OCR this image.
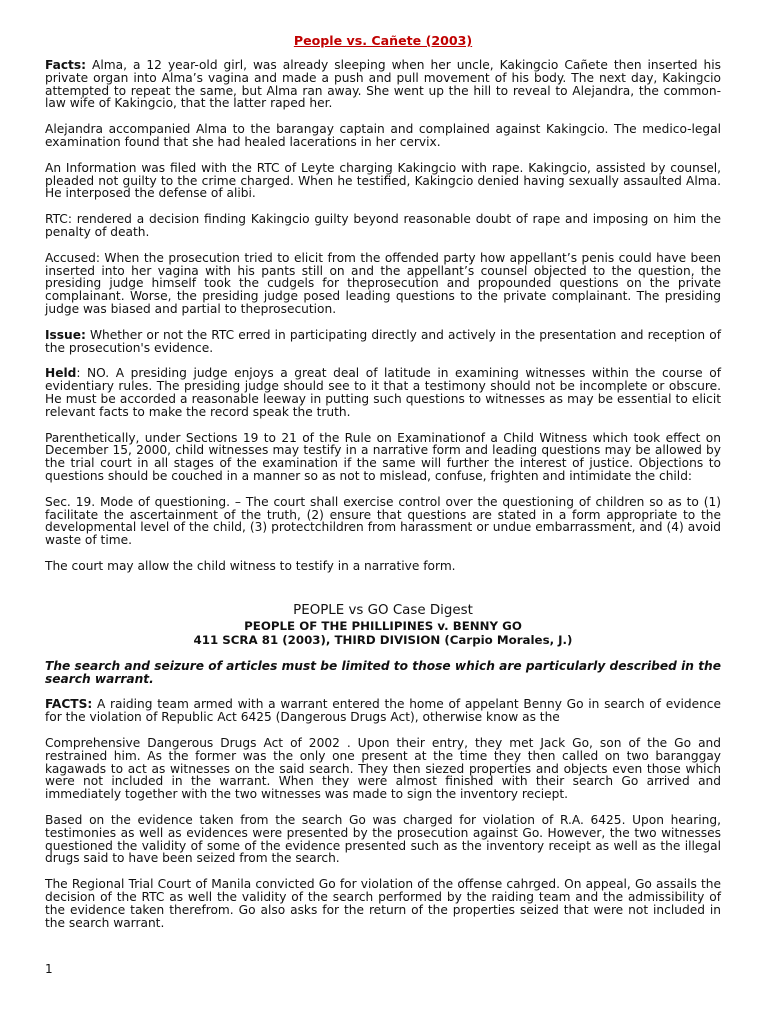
People vs. Cañete (2003)

Facts: Alma, a 12 year-old girl, was already sleeping when her uncle, Kakingcio Cañete then inserted his private organ into Alma’s vagina and made a push and pull movement of his body. The next day, Kakingcio attempted to repeat the same, but Alma ran away. She went up the hill to reveal to Alejandra, the common-law wife of Kakingcio, that the latter raped her.

Alejandra accompanied Alma to the barangay captain and complained against Kakingcio. The medico-legal examination found that she had healed lacerations in her cervix.

An Information was filed with the RTC of Leyte charging Kakingcio with rape. Kakingcio, assisted by counsel, pleaded not guilty to the crime charged. When he testified, Kakingcio denied having sexually assaulted Alma. He interposed the defense of alibi.

RTC: rendered a decision finding Kakingcio guilty beyond reasonable doubt of rape and imposing on him the penalty of death.

Accused: When the prosecution tried to elicit from the offended party how appellant’s penis could have been inserted into her vagina with his pants still on and the appellant’s counsel objected to the question, the presiding judge himself took the cudgels for theprosecution and propounded questions on the private complainant. Worse, the presiding judge posed leading questions to the private complainant. The presiding judge was biased and partial to theprosecution.

Issue: Whether or not the RTC erred in participating directly and actively in the presentation and reception of the prosecution's evidence.

Held: NO. A presiding judge enjoys a great deal of latitude in examining witnesses within the course of evidentiary rules. The presiding judge should see to it that a testimony should not be incomplete or obscure. He must be accorded a reasonable leeway in putting such questions to witnesses as may be essential to elicit relevant facts to make the record speak the truth.

Parenthetically, under Sections 19 to 21 of the Rule on Examinationof a Child Witness which took effect on December 15, 2000, child witnesses may testify in a narrative form and leading questions may be allowed by the trial court in all stages of the examination if the same will further the interest of justice. Objections to questions should be couched in a manner so as not to mislead, confuse, frighten and intimidate the child:

Sec. 19. Mode of questioning. – The court shall exercise control over the questioning of children so as to (1) facilitate the ascertainment of the truth, (2) ensure that questions are stated in a form appropriate to the developmental level of the child, (3) protectchildren from harassment or undue embarrassment, and (4) avoid waste of time.

The court may allow the child witness to testify in a narrative form.

PEOPLE vs GO Case Digest

PEOPLE OF THE PHILLIPINES v. BENNY GO

411 SCRA 81 (2003), THIRD DIVISION (Carpio Morales, J.)

The search and seizure of articles must be limited to those which are particularly described in the search warrant.

FACTS: A raiding team armed with a warrant entered the home of appelant Benny Go in search of evidence for the violation of Republic Act 6425 (Dangerous Drugs Act), otherwise know as the

Comprehensive Dangerous Drugs Act of 2002 . Upon their entry, they met Jack Go, son of the Go and restrained him. As the former was the only one present at the time they then called on two baranggay kagawads to act as witnesses on the said search. They then siezed properties and objects even those which were not included in the warrant. When they were almost finished with their search Go arrived and immediately together with the two witnesses was made to sign the inventory reciept.

Based on the evidence taken from the search Go was charged for violation of R.A. 6425. Upon hearing, testimonies as well as evidences were presented by the prosecution against Go. However, the two witnesses questioned the validity of some of the evidence presented such as the inventory receipt as well as the illegal drugs said to have been seized from the search.

The Regional Trial Court of Manila convicted Go for violation of the offense cahrged. On appeal, Go assails the decision of the RTC as well the validity of the search performed by the raiding team and the admissibility of the evidence taken therefrom. Go also asks for the return of the properties seized that were not included in the search warrant.

1
